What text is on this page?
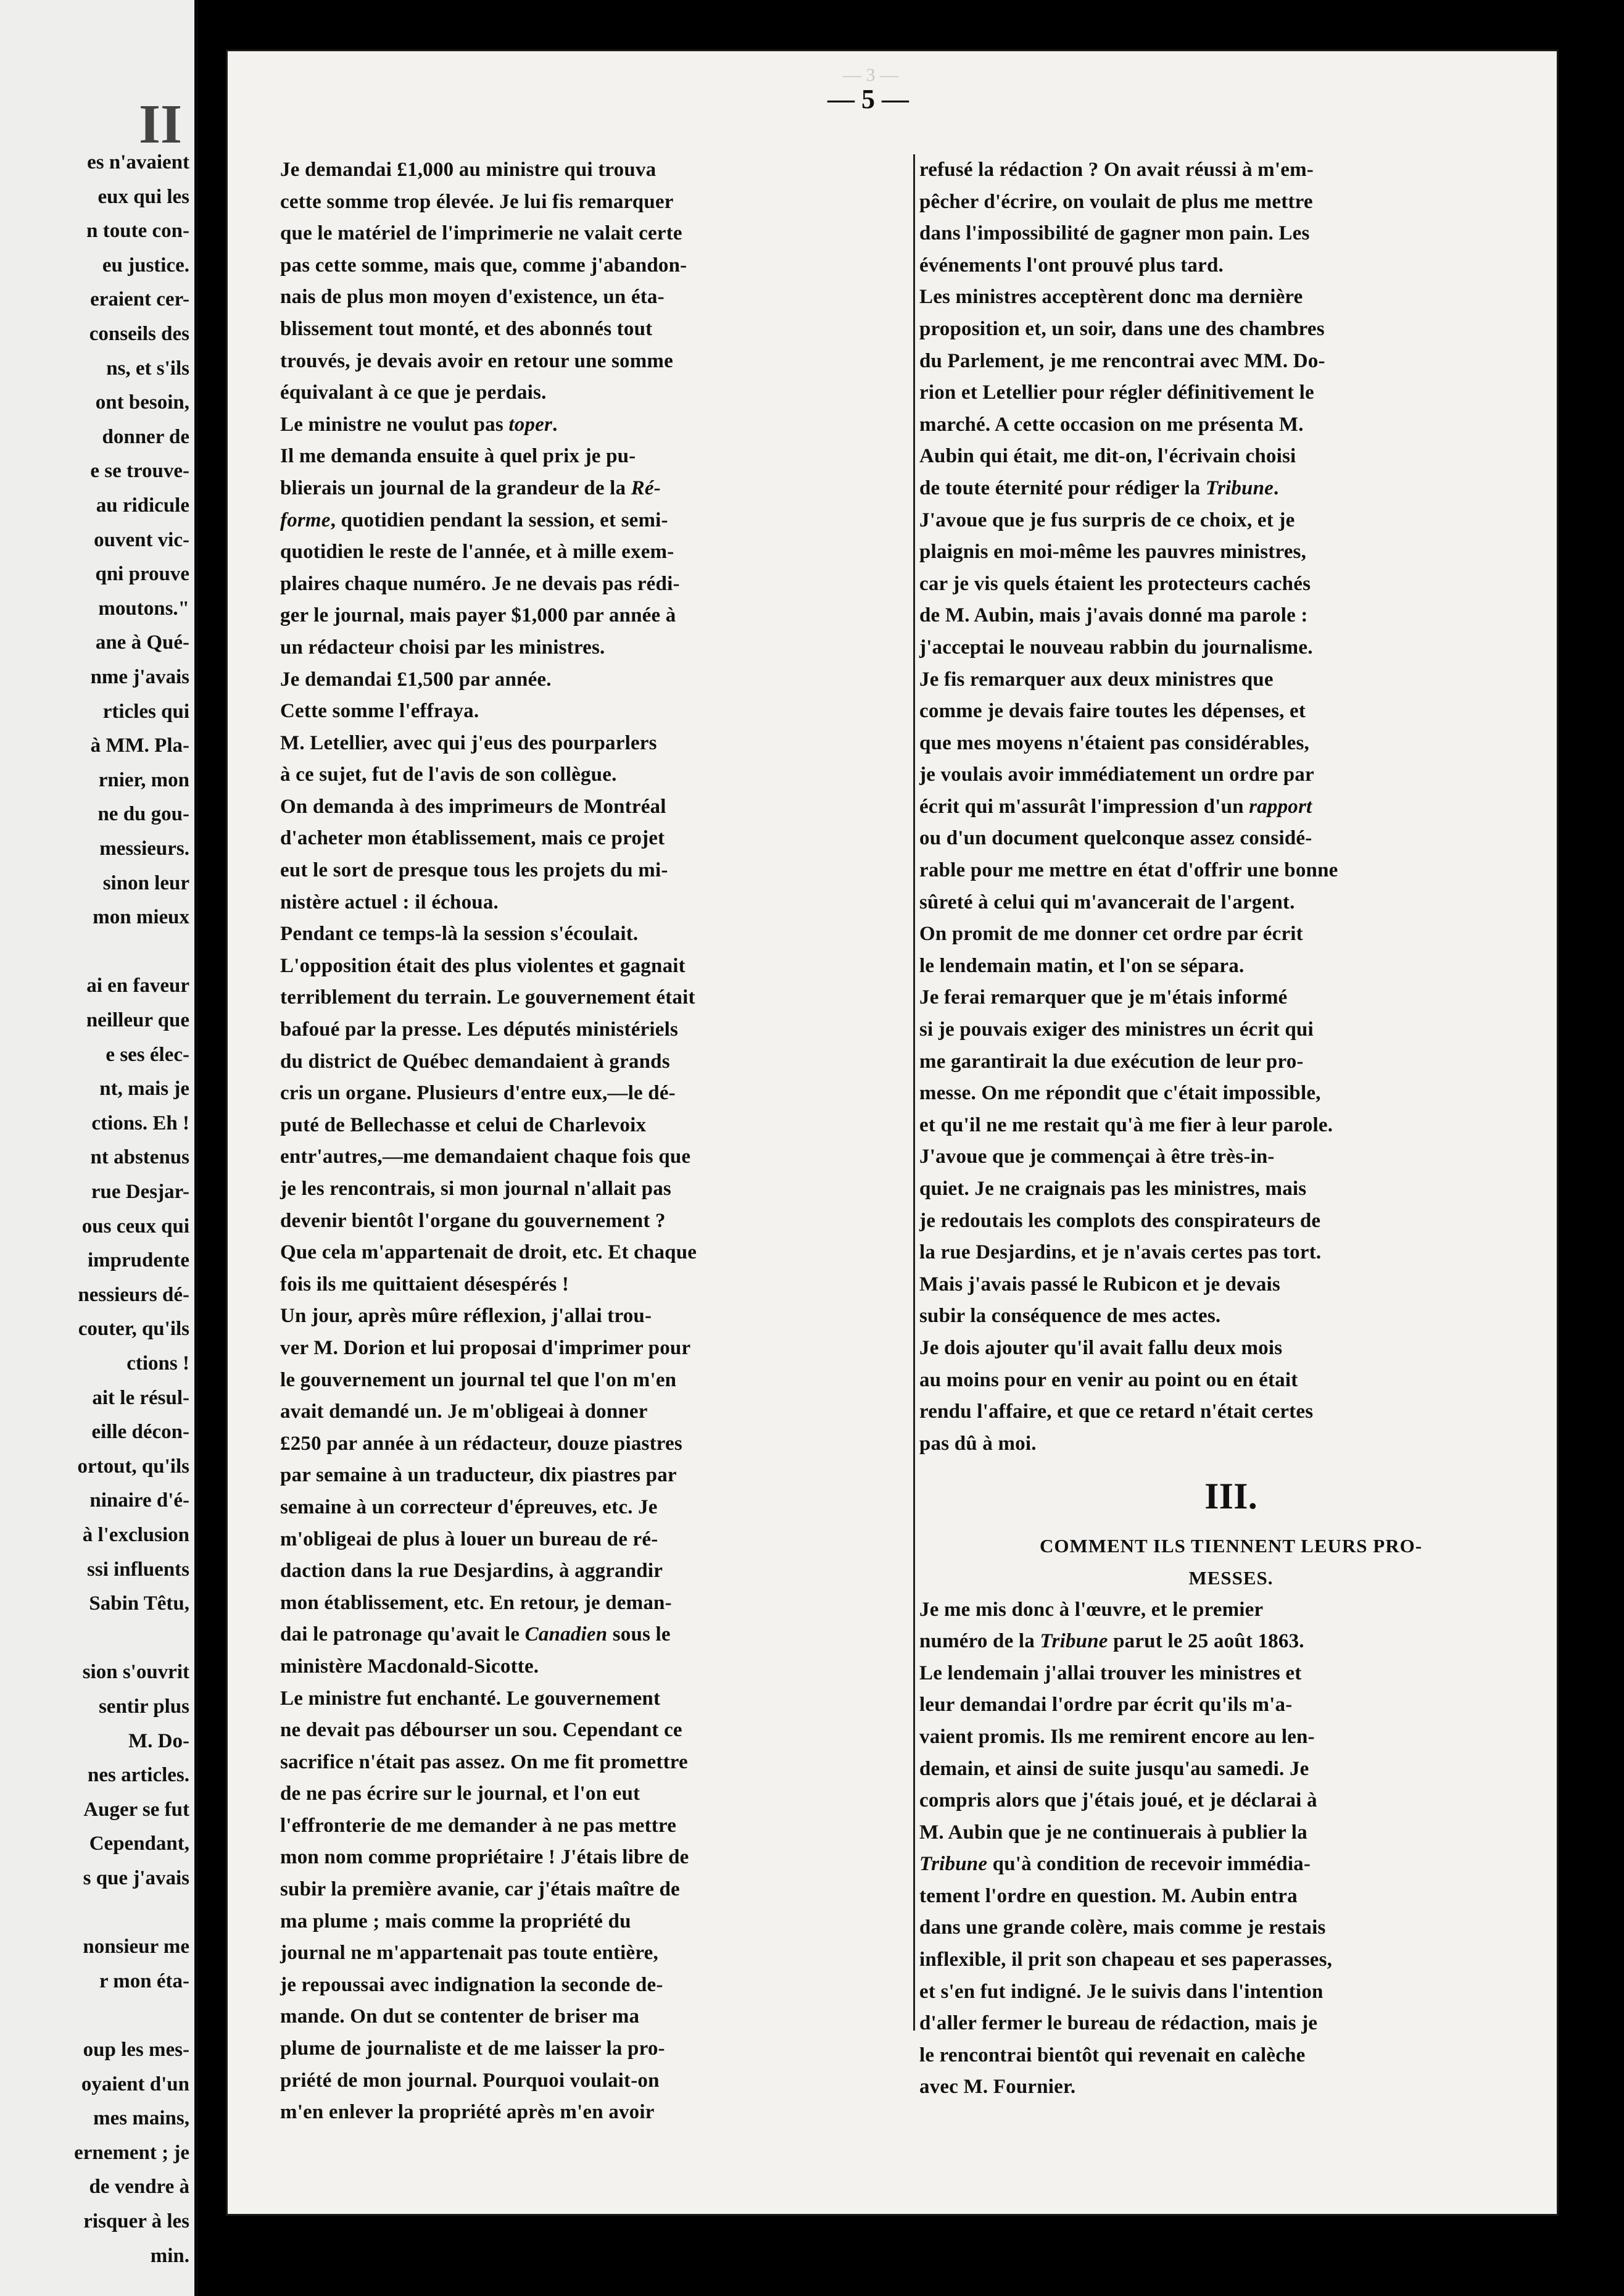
II
es n'avaient
eux qui les
n toute con-
eu justice.
eraient cer-
conseils des
ns, et s'ils
ont besoin,
donner de
e se trouve-
au ridicule
ouvent vic-
qni prouve
moutons."
ane à Qué-
nme j'avais
rticles qui
à MM. Pla-
rnier, mon
ne du gou-
messieurs.
sinon leur
mon mieux
ai en faveur
neilleur que
e ses élec-
nt, mais je
ctions. Eh !
nt abstenus
rue Desjar-
ous ceux qui
imprudente
nessieurs dé-
couter, qu'ils
ctions !
ait le résul-
eille décon-
ortout, qu'ils
ninaire d'é-
à l'exclusion
ssi influents
Sabin Têtu,
sion s'ouvrit
sentir plus
M. Do-
nes articles.
Auger se fut
Cependant,
s que j'avais
nonsieur me
r mon éta-
oup les mes-
oyaient d'un
mes mains,
ernement ; je
de vendre à
risquer à les
min.
— 3 —
— 5 —
Je demandai £1,000 au ministre qui trouva
cette somme trop élevée. Je lui fis remarquer
que le matériel de l'imprimerie ne valait certe
pas cette somme, mais que, comme j'abandon-
nais de plus mon moyen d'existence, un éta-
blissement tout monté, et des abonnés tout
trouvés, je devais avoir en retour une somme
équivalant à ce que je perdais.
Le ministre ne voulut pas toper.
Il me demanda ensuite à quel prix je pu-
blierais un journal de la grandeur de la Ré-
forme, quotidien pendant la session, et semi-
quotidien le reste de l'année, et à mille exem-
plaires chaque numéro. Je ne devais pas rédi-
ger le journal, mais payer $1,000 par année à
un rédacteur choisi par les ministres.
Je demandai £1,500 par année.
Cette somme l'effraya.
M. Letellier, avec qui j'eus des pourparlers
à ce sujet, fut de l'avis de son collègue.
On demanda à des imprimeurs de Montréal
d'acheter mon établissement, mais ce projet
eut le sort de presque tous les projets du mi-
nistère actuel : il échoua.
Pendant ce temps-là la session s'écoulait.
L'opposition était des plus violentes et gagnait
terriblement du terrain. Le gouvernement était
bafoué par la presse. Les députés ministériels
du district de Québec demandaient à grands
cris un organe. Plusieurs d'entre eux,—le dé-
puté de Bellechasse et celui de Charlevoix
entr'autres,—me demandaient chaque fois que
je les rencontrais, si mon journal n'allait pas
devenir bientôt l'organe du gouvernement ?
Que cela m'appartenait de droit, etc. Et chaque
fois ils me quittaient désespérés !
Un jour, après mûre réflexion, j'allai trou-
ver M. Dorion et lui proposai d'imprimer pour
le gouvernement un journal tel que l'on m'en
avait demandé un. Je m'obligeai à donner
£250 par année à un rédacteur, douze piastres
par semaine à un traducteur, dix piastres par
semaine à un correcteur d'épreuves, etc. Je
m'obligeai de plus à louer un bureau de ré-
daction dans la rue Desjardins, à aggrandir
mon établissement, etc. En retour, je deman-
dai le patronage qu'avait le Canadien sous le
ministère Macdonald-Sicotte.
Le ministre fut enchanté. Le gouvernement
ne devait pas débourser un sou. Cependant ce
sacrifice n'était pas assez. On me fit promettre
de ne pas écrire sur le journal, et l'on eut
l'effronterie de me demander à ne pas mettre
mon nom comme propriétaire ! J'étais libre de
subir la première avanie, car j'étais maître de
ma plume ; mais comme la propriété du
journal ne m'appartenait pas toute entière,
je repoussai avec indignation la seconde de-
mande. On dut se contenter de briser ma
plume de journaliste et de me laisser la pro-
priété de mon journal. Pourquoi voulait-on
m'en enlever la propriété après m'en avoir
refusé la rédaction ? On avait réussi à m'em-
pêcher d'écrire, on voulait de plus me mettre
dans l'impossibilité de gagner mon pain. Les
événements l'ont prouvé plus tard.
Les ministres acceptèrent donc ma dernière
proposition et, un soir, dans une des chambres
du Parlement, je me rencontrai avec MM. Do-
rion et Letellier pour régler définitivement le
marché. A cette occasion on me présenta M.
Aubin qui était, me dit-on, l'écrivain choisi
de toute éternité pour rédiger la Tribune.
J'avoue que je fus surpris de ce choix, et je
plaignis en moi-même les pauvres ministres,
car je vis quels étaient les protecteurs cachés
de M. Aubin, mais j'avais donné ma parole :
j'acceptai le nouveau rabbin du journalisme.
Je fis remarquer aux deux ministres que
comme je devais faire toutes les dépenses, et
que mes moyens n'étaient pas considérables,
je voulais avoir immédiatement un ordre par
écrit qui m'assurât l'impression d'un rapport
ou d'un document quelconque assez considé-
rable pour me mettre en état d'offrir une bonne
sûreté à celui qui m'avancerait de l'argent.
On promit de me donner cet ordre par écrit
le lendemain matin, et l'on se sépara.
Je ferai remarquer que je m'étais informé
si je pouvais exiger des ministres un écrit qui
me garantirait la due exécution de leur pro-
messe. On me répondit que c'était impossible,
et qu'il ne me restait qu'à me fier à leur parole.
J'avoue que je commençai à être très-in-
quiet. Je ne craignais pas les ministres, mais
je redoutais les complots des conspirateurs de
la rue Desjardins, et je n'avais certes pas tort.
Mais j'avais passé le Rubicon et je devais
subir la conséquence de mes actes.
Je dois ajouter qu'il avait fallu deux mois
au moins pour en venir au point ou en était
rendu l'affaire, et que ce retard n'était certes
pas dû à moi.
III.
COMMENT ILS TIENNENT LEURS PRO-
MESSES.
Je me mis donc à l'œuvre, et le premier
numéro de la Tribune parut le 25 août 1863.
Le lendemain j'allai trouver les ministres et
leur demandai l'ordre par écrit qu'ils m'a-
vaient promis. Ils me remirent encore au len-
demain, et ainsi de suite jusqu'au samedi. Je
compris alors que j'étais joué, et je déclarai à
M. Aubin que je ne continuerais à publier la
Tribune qu'à condition de recevoir immédia-
tement l'ordre en question. M. Aubin entra
dans une grande colère, mais comme je restais
inflexible, il prit son chapeau et ses paperasses,
et s'en fut indigné. Je le suivis dans l'intention
d'aller fermer le bureau de rédaction, mais je
le rencontrai bientôt qui revenait en calèche
avec M. Fournier.
